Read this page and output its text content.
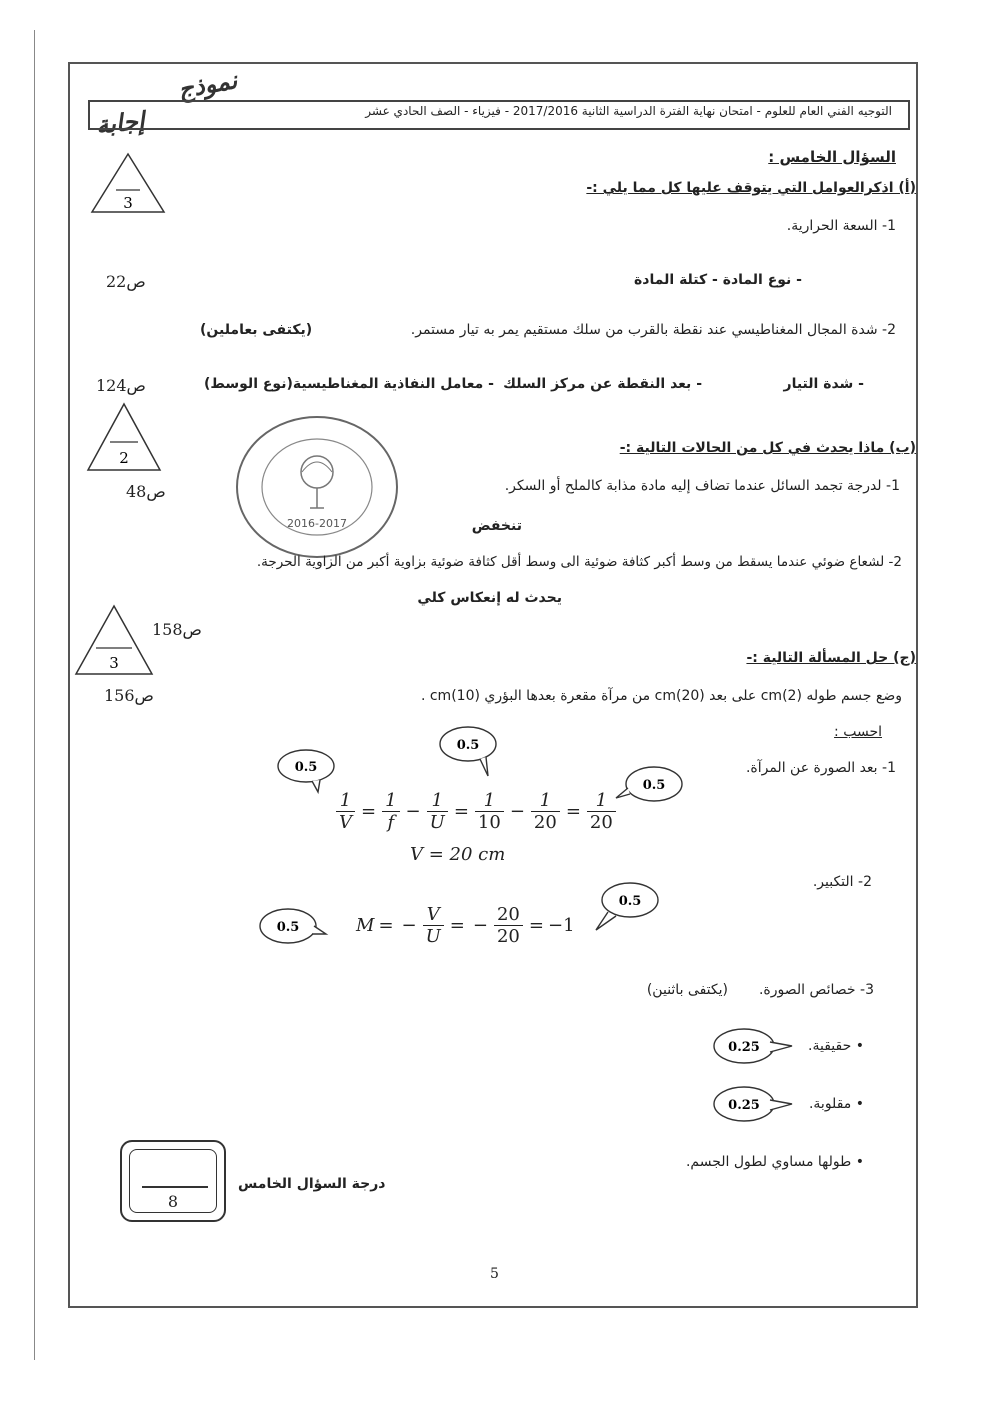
نموذج
إجابة	التوجيه الفني العام للعلوم - امتحان نهاية الفترة الدراسية الثانية 2017/2016 - فيزياء - الصف الحادي عشر
السؤال الخامس :
3
(أ) اذكرالعوامل التي يتوقف عليها كل مما يلي :-
1- السعة الحرارية.
- نوع المادة - كتلة المادة
ص22
2- شدة المجال المغناطيسي عند نقطة بالقرب من سلك مستقيم يمر به تيار مستمر.
(يكتفى بعاملين)
- شدة التيار
- بعد النقطة عن مركز السلك
- معامل النفاذية المغناطيسية(نوع الوسط)
ص124
2
2016-2017
(ب) ماذا يحدث في كل من الحالات التالية :-
1- لدرجة تجمد السائل عندما تضاف إليه مادة مذابة كالملح أو السكر.
ص48
تنخفض
2- لشعاع ضوئي عندما يسقط من وسط أكبر كثافة ضوئية الى وسط أقل كثافة ضوئية بزاوية أكبر من الزاوية الحرجة.
يحدث له إنعكاس كلي
3
ص158
(ج) حل المسألة التالية :-
ص156	وضع جسم طوله (2)cm على بعد (20)cm من مرآة مقعرة بعدها البؤري (10)cm .
احسب :
1- بعد الصورة عن المرآة.
0.5
0.5
0.5
$\frac{1}{V} = \frac{1}{f} - \frac{1}{U} = \frac{1}{10} - \frac{1}{20} = \frac{1}{20}$
V = 20 cm
2- التكبير.
0.5
0.5
M = − $\frac{V}{U}$ = − $\frac{20}{20} = -1$
3- خصائص الصورة.
(يكتفى باثنين)
• حقيقية.
0.25
• مقلوبة.
0.25
• طولها مساوي لطول الجسم.
8
درجة السؤال الخامس
5
